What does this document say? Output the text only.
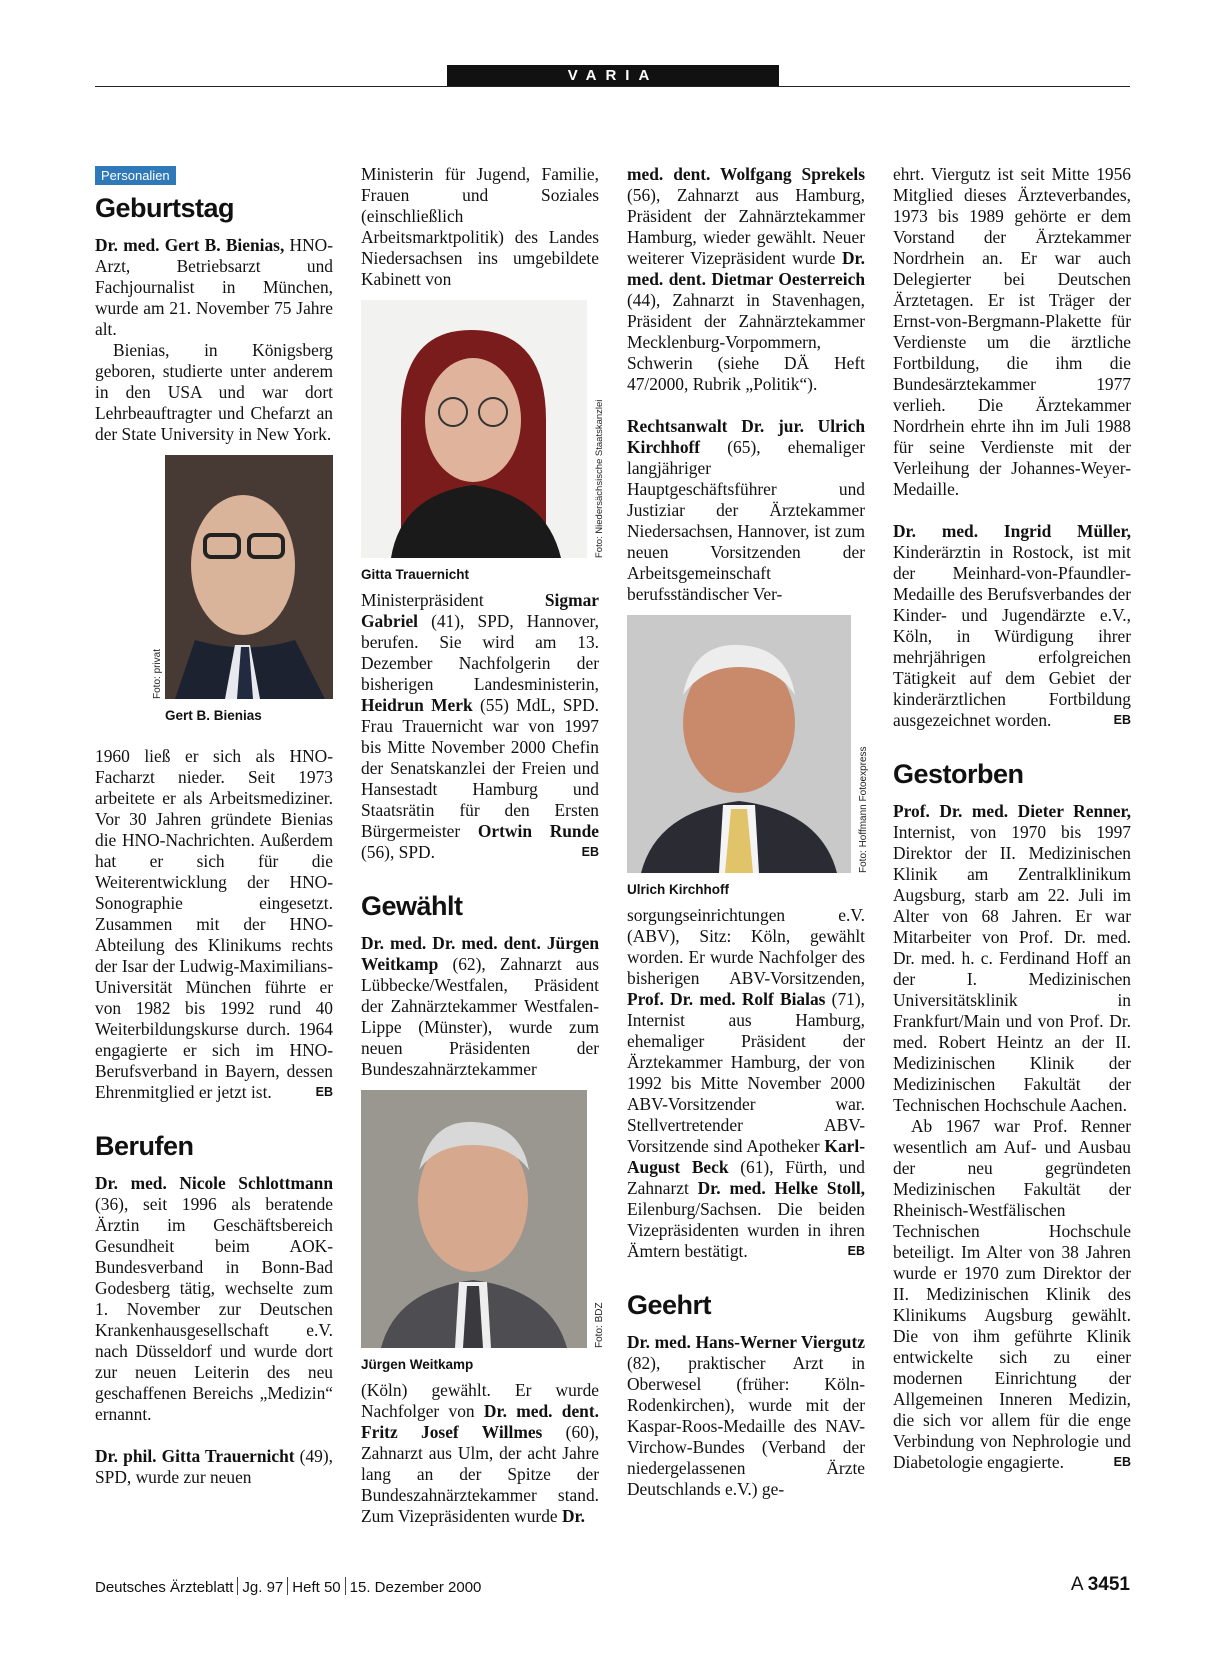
VARIA
Personalien
Geburtstag

Dr. med. Gert B. Bienias, HNO-Arzt, Betriebsarzt und Fachjournalist in München, wurde am 21. November 75 Jahre alt.

Bienias, in Königsberg geboren, studierte unter anderem in den USA und war dort Lehrbeauftragter und Chefarzt an der State University in New York.

Foto: privat
Gert B. Bienias

1960 ließ er sich als HNO-Facharzt nieder. Seit 1973 arbeitete er als Arbeitsmediziner. Vor 30 Jahren gründete Bienias die HNO-Nachrichten. Außerdem hat er sich für die Weiterentwicklung der HNO-Sonographie eingesetzt. Zusammen mit der HNO-Abteilung des Klinikums rechts der Isar der Ludwig-Maximilians-Universität München führte er von 1982 bis 1992 rund 40 Weiterbildungskurse durch. 1964 engagierte er sich im HNO-Berufsverband in Bayern, dessen Ehrenmitglied er jetzt ist.	EB

Berufen

Dr. med. Nicole Schlottmann (36), seit 1996 als beratende Ärztin im Geschäftsbereich Gesundheit beim AOK-Bundesverband in Bonn-Bad Godesberg tätig, wechselte zum 1. November zur Deutschen Krankenhausgesellschaft e.V. nach Düsseldorf und wurde dort zur neuen Leiterin des neu geschaffenen Bereichs „Medizin“ ernannt.

Dr. phil. Gitta Trauernicht (49), SPD, wurde zur neuen

Ministerin für Jugend, Familie, Frauen und Soziales (einschließlich Arbeitsmarktpolitik) des Landes Niedersachsen ins umgebildete Kabinett von

Foto: Niedersächsische Staatskanzlei
Gitta Trauernicht

Ministerpräsident Sigmar Gabriel (41), SPD, Hannover, berufen. Sie wird am 13. Dezember Nachfolgerin der bisherigen Landesministerin, Heidrun Merk (55) MdL, SPD. Frau Trauernicht war von 1997 bis Mitte November 2000 Chefin der Senatskanzlei der Freien und Hansestadt Hamburg und Staatsrätin für den Ersten Bürgermeister Ortwin Runde (56), SPD.	EB

Gewählt

Dr. med. Dr. med. dent. Jürgen Weitkamp (62), Zahnarzt aus Lübbecke/Westfalen, Präsident der Zahnärztekammer Westfalen-Lippe (Münster), wurde zum neuen Präsidenten der Bundeszahnärztekammer

Foto: BDZ
Jürgen Weitkamp

(Köln) gewählt. Er wurde Nachfolger von Dr. med. dent. Fritz Josef Willmes (60), Zahnarzt aus Ulm, der acht Jahre lang an der Spitze der Bundeszahnärztekammer stand. Zum Vizepräsidenten wurde Dr.

med. dent. Wolfgang Sprekels (56), Zahnarzt aus Hamburg, Präsident der Zahnärztekammer Hamburg, wieder gewählt. Neuer weiterer Vizepräsident wurde Dr. med. dent. Dietmar Oesterreich (44), Zahnarzt in Stavenhagen, Präsident der Zahnärztekammer Mecklenburg-Vorpommern, Schwerin (siehe DÄ Heft 47/2000, Rubrik „Politik“).

Rechtsanwalt Dr. jur. Ulrich Kirchhoff (65), ehemaliger langjähriger Hauptgeschäftsführer und Justiziar der Ärztekammer Niedersachsen, Hannover, ist zum neuen Vorsitzenden der Arbeitsgemeinschaft berufsständischer Ver-

Foto: Hoffmann Fotoexpress
Ulrich Kirchhoff

sorgungseinrichtungen e.V. (ABV), Sitz: Köln, gewählt worden. Er wurde Nachfolger des bisherigen ABV-Vorsitzenden, Prof. Dr. med. Rolf Bialas (71), Internist aus Hamburg, ehemaliger Präsident der Ärztekammer Hamburg, der von 1992 bis Mitte November 2000 ABV-Vorsitzender war. Stellvertretender ABV-Vorsitzende sind Apotheker Karl-August Beck (61), Fürth, und Zahnarzt Dr. med. Helke Stoll, Eilenburg/Sachsen. Die beiden Vizepräsidenten wurden in ihren Ämtern bestätigt.	EB

Geehrt

Dr. med. Hans-Werner Viergutz (82), praktischer Arzt in Oberwesel (früher: Köln-Rodenkirchen), wurde mit der Kaspar-Roos-Medaille des NAV-Virchow-Bundes (Verband der niedergelassenen Ärzte Deutschlands e.V.) ge-

ehrt. Viergutz ist seit Mitte 1956 Mitglied dieses Ärzteverbandes, 1973 bis 1989 gehörte er dem Vorstand der Ärztekammer Nordrhein an. Er war auch Delegierter bei Deutschen Ärztetagen. Er ist Träger der Ernst-von-Bergmann-Plakette für Verdienste um die ärztliche Fortbildung, die ihm die Bundesärztekammer 1977 verlieh. Die Ärztekammer Nordrhein ehrte ihn im Juli 1988 für seine Verdienste mit der Verleihung der Johannes-Weyer-Medaille.

Dr. med. Ingrid Müller, Kinderärztin in Rostock, ist mit der Meinhard-von-Pfaundler-Medaille des Berufsverbandes der Kinder- und Jugendärzte e.V., Köln, in Würdigung ihrer mehrjährigen erfolgreichen Tätigkeit auf dem Gebiet der kinderärztlichen Fortbildung ausgezeichnet worden.	EB

Gestorben

Prof. Dr. med. Dieter Renner, Internist, von 1970 bis 1997 Direktor der II. Medizinischen Klinik am Zentralklinikum Augsburg, starb am 22. Juli im Alter von 68 Jahren. Er war Mitarbeiter von Prof. Dr. med. Dr. med. h. c. Ferdinand Hoff an der I. Medizinischen Universitätsklinik in Frankfurt/Main und von Prof. Dr. med. Robert Heintz an der II. Medizinischen Klinik der Medizinischen Fakultät der Technischen Hochschule Aachen.

Ab 1967 war Prof. Renner wesentlich am Auf- und Ausbau der neu gegründeten Medizinischen Fakultät der Rheinisch-Westfälischen Technischen Hochschule beteiligt. Im Alter von 38 Jahren wurde er 1970 zum Direktor der II. Medizinischen Klinik des Klinikums Augsburg gewählt. Die von ihm geführte Klinik entwickelte sich zu einer modernen Einrichtung der Allgemeinen Inneren Medizin, die sich vor allem für die enge Verbindung von Nephrologie und Diabetologie engagierte.	EB

Deutsches Ärzteblatt Jg. 97 Heft 50 15. Dezember 2000	A 3451
